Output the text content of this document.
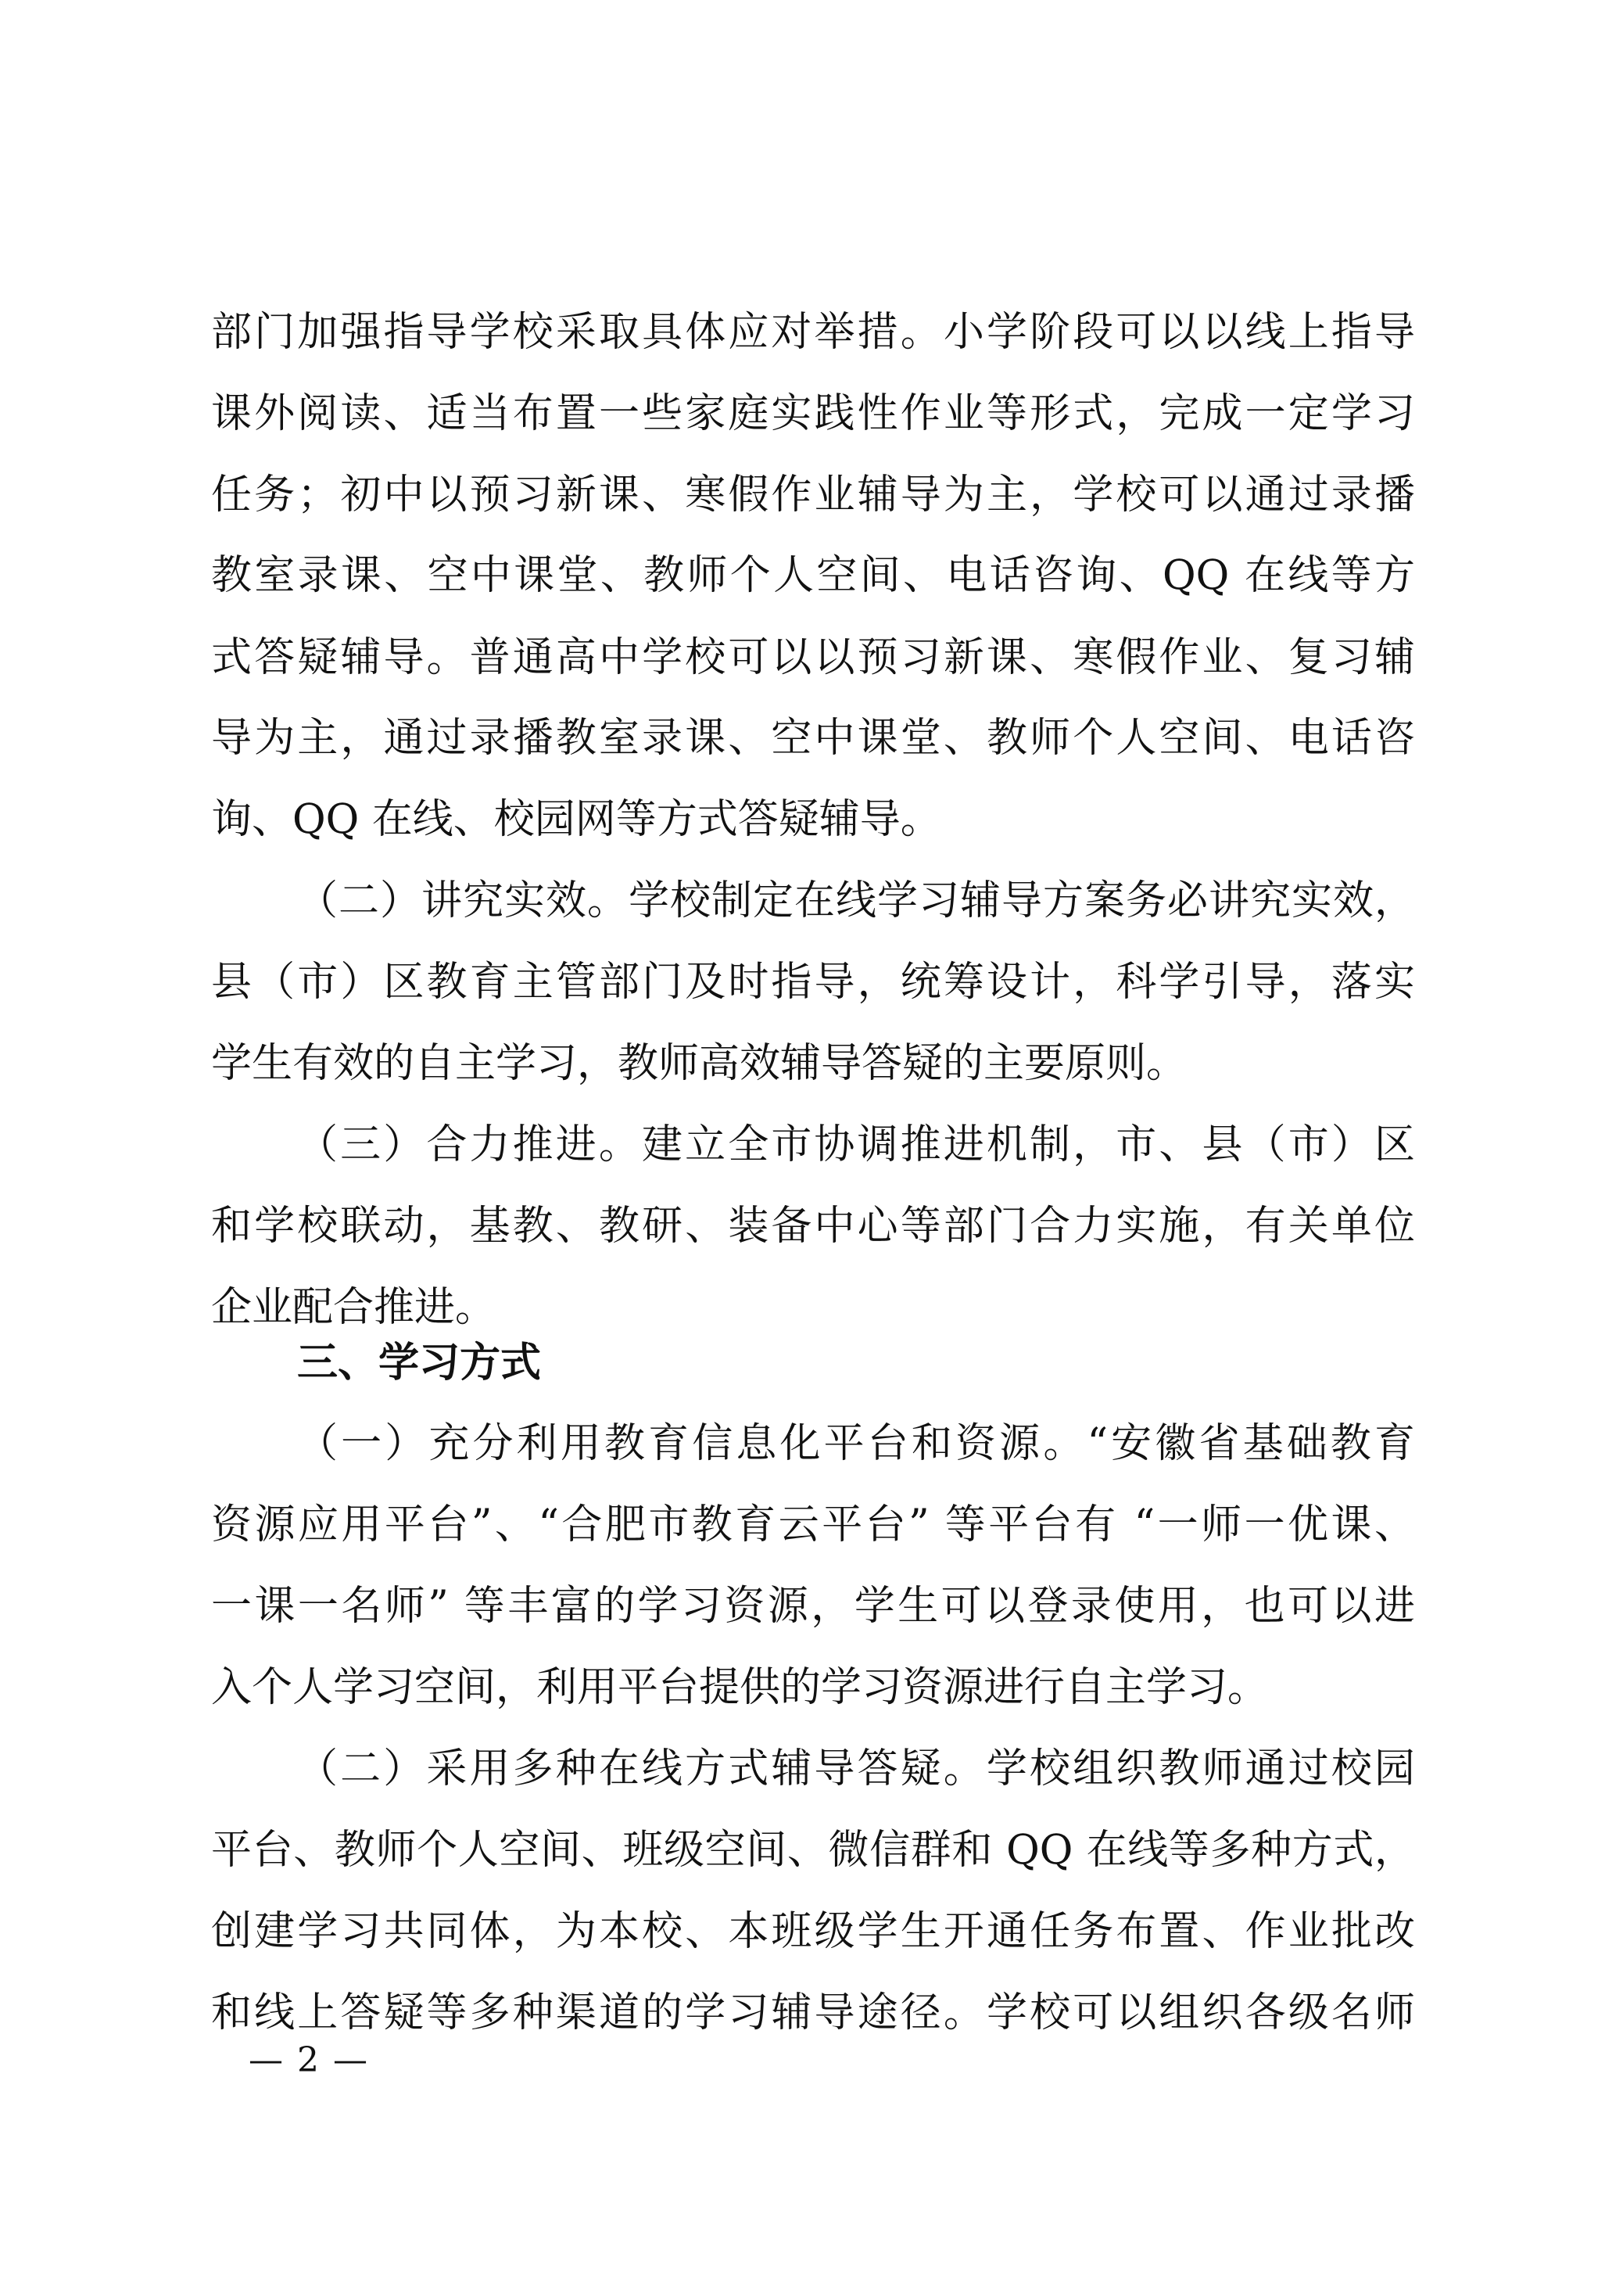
部门加强指导学校采取具体应对举措。小学阶段可以以线上指导
课外阅读、适当布置一些家庭实践性作业等形式，完成一定学习
任务；初中以预习新课、寒假作业辅导为主，学校可以通过录播
教室录课、空中课堂、教师个人空间、电话咨询、QQ 在线等方
式答疑辅导。普通高中学校可以以预习新课、寒假作业、复习辅
导为主，通过录播教室录课、空中课堂、教师个人空间、电话咨
询、QQ 在线、校园网等方式答疑辅导。
（二）讲究实效。学校制定在线学习辅导方案务必讲究实效，
县（市）区教育主管部门及时指导，统筹设计，科学引导，落实
学生有效的自主学习，教师高效辅导答疑的主要原则。
（三）合力推进。建立全市协调推进机制，市、县（市）区
和学校联动，基教、教研、装备中心等部门合力实施，有关单位
企业配合推进。
三、学习方式
（一）充分利用教育信息化平台和资源。“安徽省基础教育
资源应用平台”、“合肥市教育云平台” 等平台有 “一师一优课、
一课一名师” 等丰富的学习资源，学生可以登录使用，也可以进
入个人学习空间，利用平台提供的学习资源进行自主学习。
（二）采用多种在线方式辅导答疑。学校组织教师通过校园
平台、教师个人空间、班级空间、微信群和 QQ 在线等多种方式，
创建学习共同体，为本校、本班级学生开通任务布置、作业批改
和线上答疑等多种渠道的学习辅导途径。学校可以组织各级名师
— 2 —
